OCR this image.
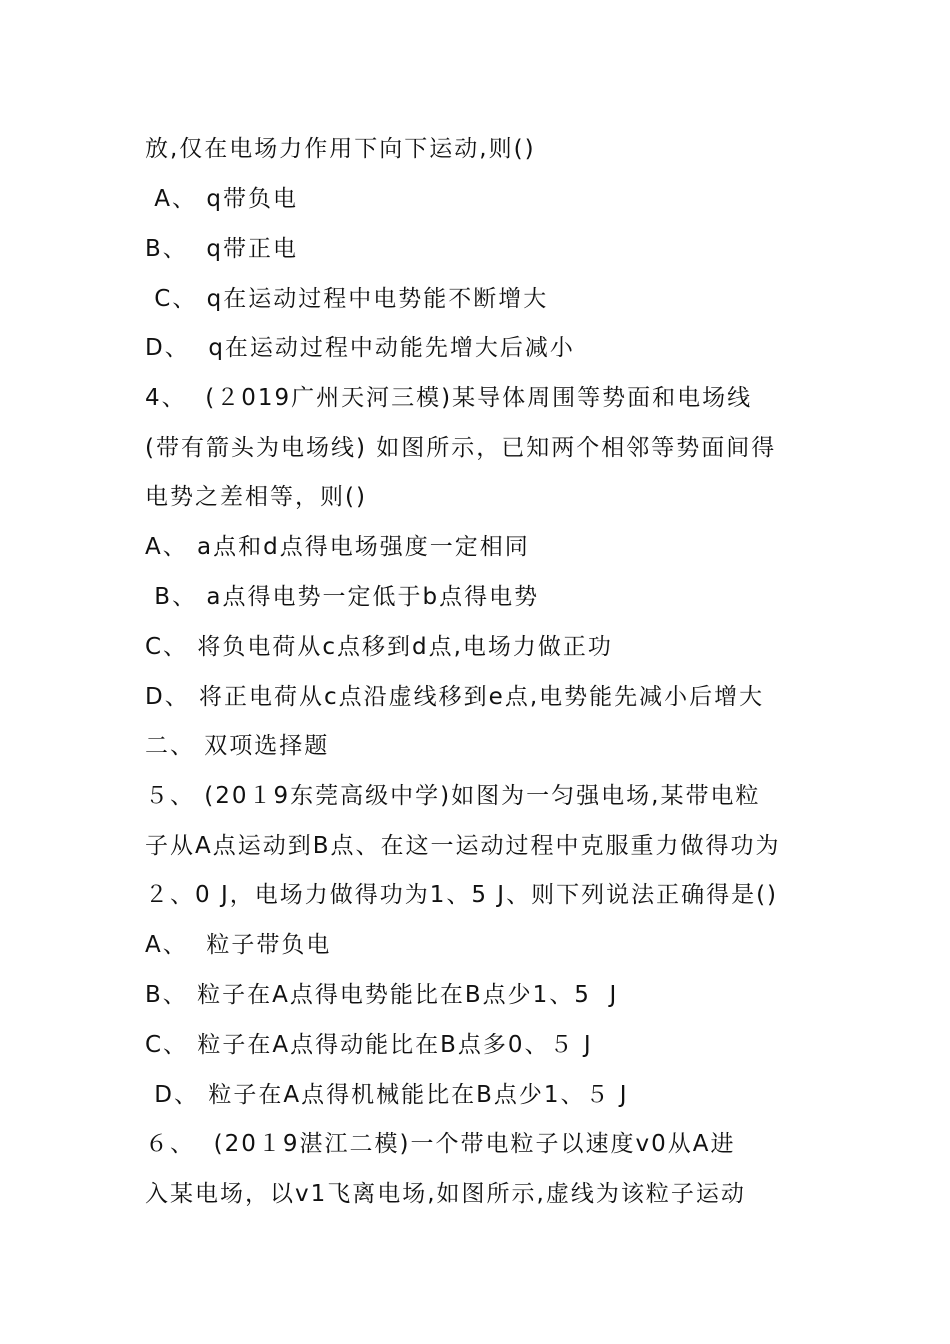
放,仅在电场力作用下向下运动,则()
A、 q带负电
B、  q带正电
C、 q在运动过程中电势能不断增大
D、  q在运动过程中动能先增大后减小
4、  (２019广州天河三模)某导体周围等势面和电场线
(带有箭头为电场线) 如图所示，已知两个相邻等势面间得
电势之差相等，则()
A、 a点和d点得电场强度一定相同
B、 a点得电势一定低于b点得电势
C、 将负电荷从c点移到d点,电场力做正功
D、 将正电荷从c点沿虚线移到e点,电势能先减小后增大
二、 双项选择题
５、 (20１9东莞高级中学)如图为一匀强电场,某带电粒
子从A点运动到B点、在这一运动过程中克服重力做得功为
２、0 J，电场力做得功为1、5 J、则下列说法正确得是()
A、  粒子带负电
B、 粒子在A点得电势能比在B点少1、5  J
C、 粒子在A点得动能比在B点多0、５ J
D、 粒子在A点得机械能比在B点少1、５ J
６、  (20１9湛江二模)一个带电粒子以速度v0从A进
入某电场，以v1飞离电场,如图所示,虚线为该粒子运动
